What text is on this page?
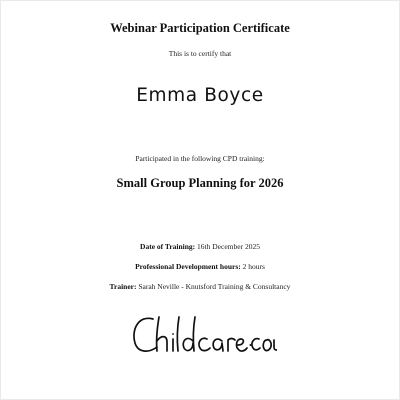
Webinar Participation Certificate
This is to certify that
Emma Boyce
Participated in the following CPD training:
Small Group Planning for 2026
Date of Training: 16th December 2025
Professional Development hours: 2 hours
Trainer: Sarah Neville - Knutsford Training & Consultancy
